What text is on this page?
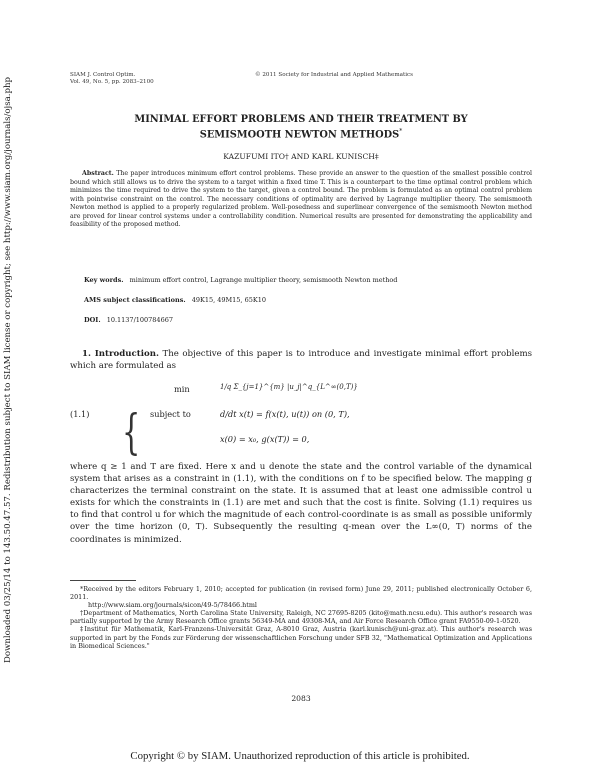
Downloaded 03/25/14 to 143.50.47.57. Redistribution subject to SIAM license or copyright; see http://www.siam.org/journals/ojsa.php
SIAM J. Control Optim.
Vol. 49, No. 5, pp. 2083–2100
© 2011 Society for Industrial and Applied Mathematics
MINIMAL EFFORT PROBLEMS AND THEIR TREATMENT BY
SEMISMOOTH NEWTON METHODS*
KAZUFUMI ITO† AND KARL KUNISCH‡

Abstract. The paper introduces minimum effort control problems. These provide an answer to the question of the smallest possible control bound which still allows us to drive the system to a target within a fixed time T. This is a counterpart to the time optimal control problem which minimizes the time required to drive the system to the target, given a control bound. The problem is formulated as an optimal control problem with pointwise constraint on the control. The necessary conditions of optimality are derived by Lagrange multiplier theory. The semismooth Newton method is applied to a properly regularized problem. Well-posedness and superlinear convergence of the semismooth Newton method are proved for linear control systems under a controllability condition. Numerical results are presented for demonstrating the applicability and feasibility of the proposed method.

Key words. minimum effort control, Lagrange multiplier theory, semismooth Newton method
AMS subject classifications. 49K15, 49M15, 65K10
DOI. 10.1137/100784667

1. Introduction. The objective of this paper is to introduce and investigate minimal effort problems which are formulated as

(1.1) {
min	1/q Σ_{j=1}^{m} |u_j|^q_{L^∞(0,T)}
subject to	d/dt x(t) = f(x(t), u(t)) on (0, T),
x(0) = x₀, g(x(T)) = 0,
where q ≥ 1 and T are fixed. Here x and u denote the state and the control variable of the dynamical system that arises as a constraint in (1.1), with the conditions on f to be specified below. The mapping g characterizes the terminal constraint on the state. It is assumed that at least one admissible control u exists for which the constraints in (1.1) are met and such that the cost is finite. Solving (1.1) requires us to find that control u for which the magnitude of each control-coordinate is as small as possible uniformly over the time horizon (0, T). Subsequently the resulting q-mean over the L∞(0, T) norms of the coordinates is minimized.

*Received by the editors February 1, 2010; accepted for publication (in revised form) June 29, 2011; published electronically October 6, 2011.

http://www.siam.org/journals/sicon/49-5/78466.html

†Department of Mathematics, North Carolina State University, Raleigh, NC 27695-8205 (kito@math.ncsu.edu). This author's research was partially supported by the Army Research Office grants 56349-MA and 49308-MA, and Air Force Research Office grant FA9550-09-1-0520.

‡Institut für Mathematik, Karl-Franzens-Universität Graz, A-8010 Graz, Austria (karl.kunisch@uni-graz.at). This author's research was supported in part by the Fonds zur Förderung der wissenschaftlichen Forschung under SFB 32, "Mathematical Optimization and Applications in Biomedical Sciences."

2083
Copyright © by SIAM. Unauthorized reproduction of this article is prohibited.
